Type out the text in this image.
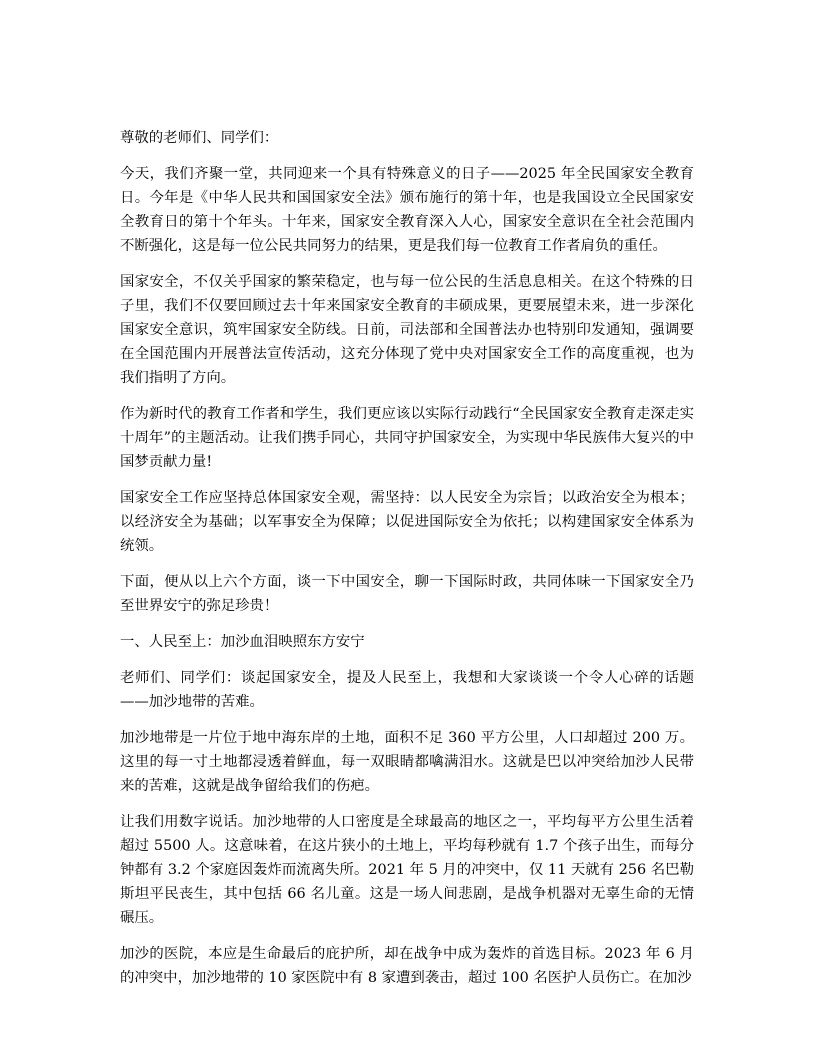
尊敬的老师们、同学们：

今天，我们齐聚一堂，共同迎来一个具有特殊意义的日子——2025 年全民国家安全教育日。今年是《中华人民共和国国家安全法》颁布施行的第十年，也是我国设立全民国家安全教育日的第十个年头。十年来，国家安全教育深入人心，国家安全意识在全社会范围内不断强化，这是每一位公民共同努力的结果，更是我们每一位教育工作者肩负的重任。

国家安全，不仅关乎国家的繁荣稳定，也与每一位公民的生活息息相关。在这个特殊的日子里，我们不仅要回顾过去十年来国家安全教育的丰硕成果，更要展望未来，进一步深化国家安全意识，筑牢国家安全防线。日前，司法部和全国普法办也特别印发通知，强调要在全国范围内开展普法宣传活动，这充分体现了党中央对国家安全工作的高度重视，也为我们指明了方向。

作为新时代的教育工作者和学生，我们更应该以实际行动践行“全民国家安全教育走深走实十周年”的主题活动。让我们携手同心，共同守护国家安全，为实现中华民族伟大复兴的中国梦贡献力量!

国家安全工作应坚持总体国家安全观，需坚持：以人民安全为宗旨；以政治安全为根本；以经济安全为基础；以军事安全为保障；以促进国际安全为依托；以构建国家安全体系为统领。

下面，便从以上六个方面，谈一下中国安全，聊一下国际时政，共同体味一下国家安全乃至世界安宁的弥足珍贵！

一、人民至上：加沙血泪映照东方安宁

老师们、同学们：谈起国家安全，提及人民至上，我想和大家谈谈一个令人心碎的话题——加沙地带的苦难。

加沙地带是一片位于地中海东岸的土地，面积不足 360 平方公里，人口却超过 200 万。这里的每一寸土地都浸透着鲜血，每一双眼睛都噙满泪水。这就是巴以冲突给加沙人民带来的苦难，这就是战争留给我们的伤疤。

让我们用数字说话。加沙地带的人口密度是全球最高的地区之一，平均每平方公里生活着超过 5500 人。这意味着，在这片狭小的土地上，平均每秒就有 1.7 个孩子出生，而每分钟都有 3.2 个家庭因轰炸而流离失所。2021 年 5 月的冲突中，仅 11 天就有 256 名巴勒斯坦平民丧生，其中包括 66 名儿童。这是一场人间悲剧，是战争机器对无辜生命的无情碾压。

加沙的医院，本应是生命最后的庇护所，却在战争中成为轰炸的首选目标。2023 年 6 月的冲突中，加沙地带的 10 家医院中有 8 家遭到袭击，超过 100 名医护人员伤亡。在加沙
